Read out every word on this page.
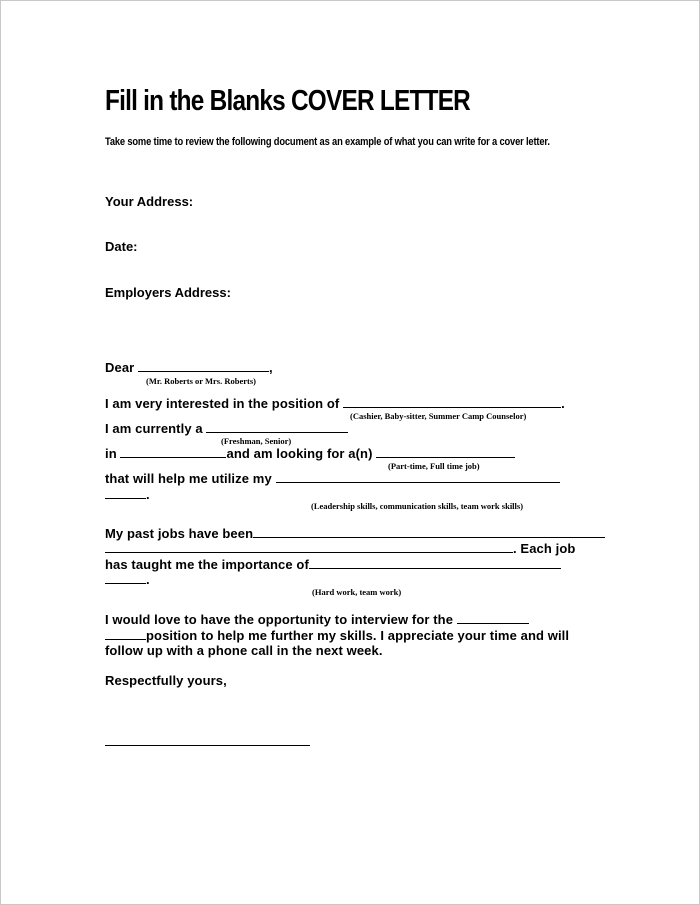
Fill in the Blanks COVER LETTER
Take some time to review the following document as an example of what you can write for a cover letter.
Your Address:
Date:
Employers Address:
Dear	,
(Mr. Roberts or Mrs. Roberts)
I am very interested in the position of	.
(Cashier, Baby-sitter, Summer Camp Counselor)
I am currently a
(Freshman, Senior)
in	and am looking for a(n)
(Part-time, Full time job)
that will help me utilize my
.
(Leadership skills, communication skills, team work skills)
My past jobs have been
. Each job
has taught me the importance of
.
(Hard work, team work)
I would love to have the opportunity to interview for the
position to help me further my skills. I appreciate your time and will
follow up with a phone call in the next week.
Respectfully yours,
